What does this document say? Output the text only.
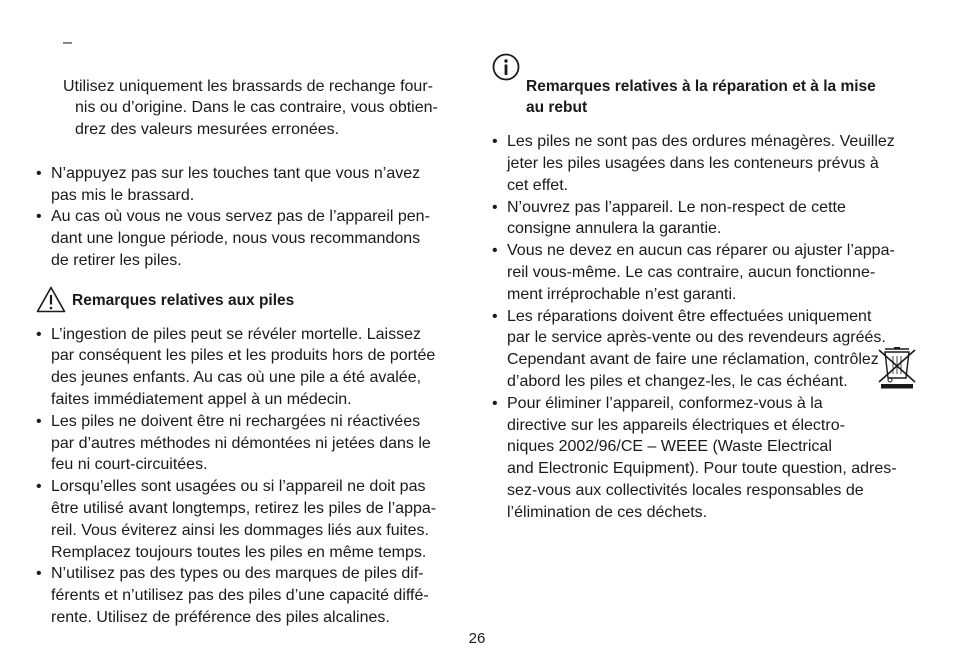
–

Utilisez uniquement les brassards de rechange four-
nis ou d’origine. Dans le cas contraire, vous obtien-
drez des valeurs mesurées erronées.

• N’appuyez pas sur les touches tant que vous n’avez
pas mis le brassard.
• Au cas où vous ne vous servez pas de l’appareil pen-
dant une longue période, nous vous recommandons
de retirer les piles.
Remarques relatives aux piles
• L’ingestion de piles peut se révéler mortelle. Laissez
par conséquent les piles et les produits hors de portée
des jeunes enfants. Au cas où une pile a été avalée,
faites immédiatement appel à un médecin.
• Les piles ne doivent être ni rechargées ni réactivées
par d’autres méthodes ni démontées ni jetées dans le
feu ni court-circuitées.
• Lorsqu’elles sont usagées ou si l’appareil ne doit pas
être utilisé avant longtemps, retirez les piles de l’appa-
reil. Vous éviterez ainsi les dommages liés aux fuites.
Remplacez toujours toutes les piles en même temps.
• N’utilisez pas des types ou des marques de piles dif-
férents et n’utilisez pas des piles d’une capacité diffé-
rente. Utilisez de préférence des piles alcalines.

Remarques relatives à la réparation et à la mise
au rebut

• Les piles ne sont pas des ordures ménagères. Veuillez
jeter les piles usagées dans les conteneurs prévus à
cet effet.
• N’ouvrez pas l’appareil. Le non-respect de cette
consigne annulera la garantie.
• Vous ne devez en aucun cas réparer ou ajuster l’appa-
reil vous-même. Le cas contraire, aucun fonctionne-
ment irréprochable n’est garanti.
• Les réparations doivent être effectuées uniquement
par le service après-vente ou des revendeurs agréés.
Cependant avant de faire une réclamation, contrôlez
d’abord les piles et changez-les, le cas échéant.
• Pour éliminer l’appareil, conformez-vous à la
directive sur les appareils électriques et électro-
niques 2002/96/CE – WEEE (Waste Electrical
and Electronic Equipment). Pour toute question, adres-
sez-vous aux collectivités locales responsables de
l’élimination de ces déchets.
26
